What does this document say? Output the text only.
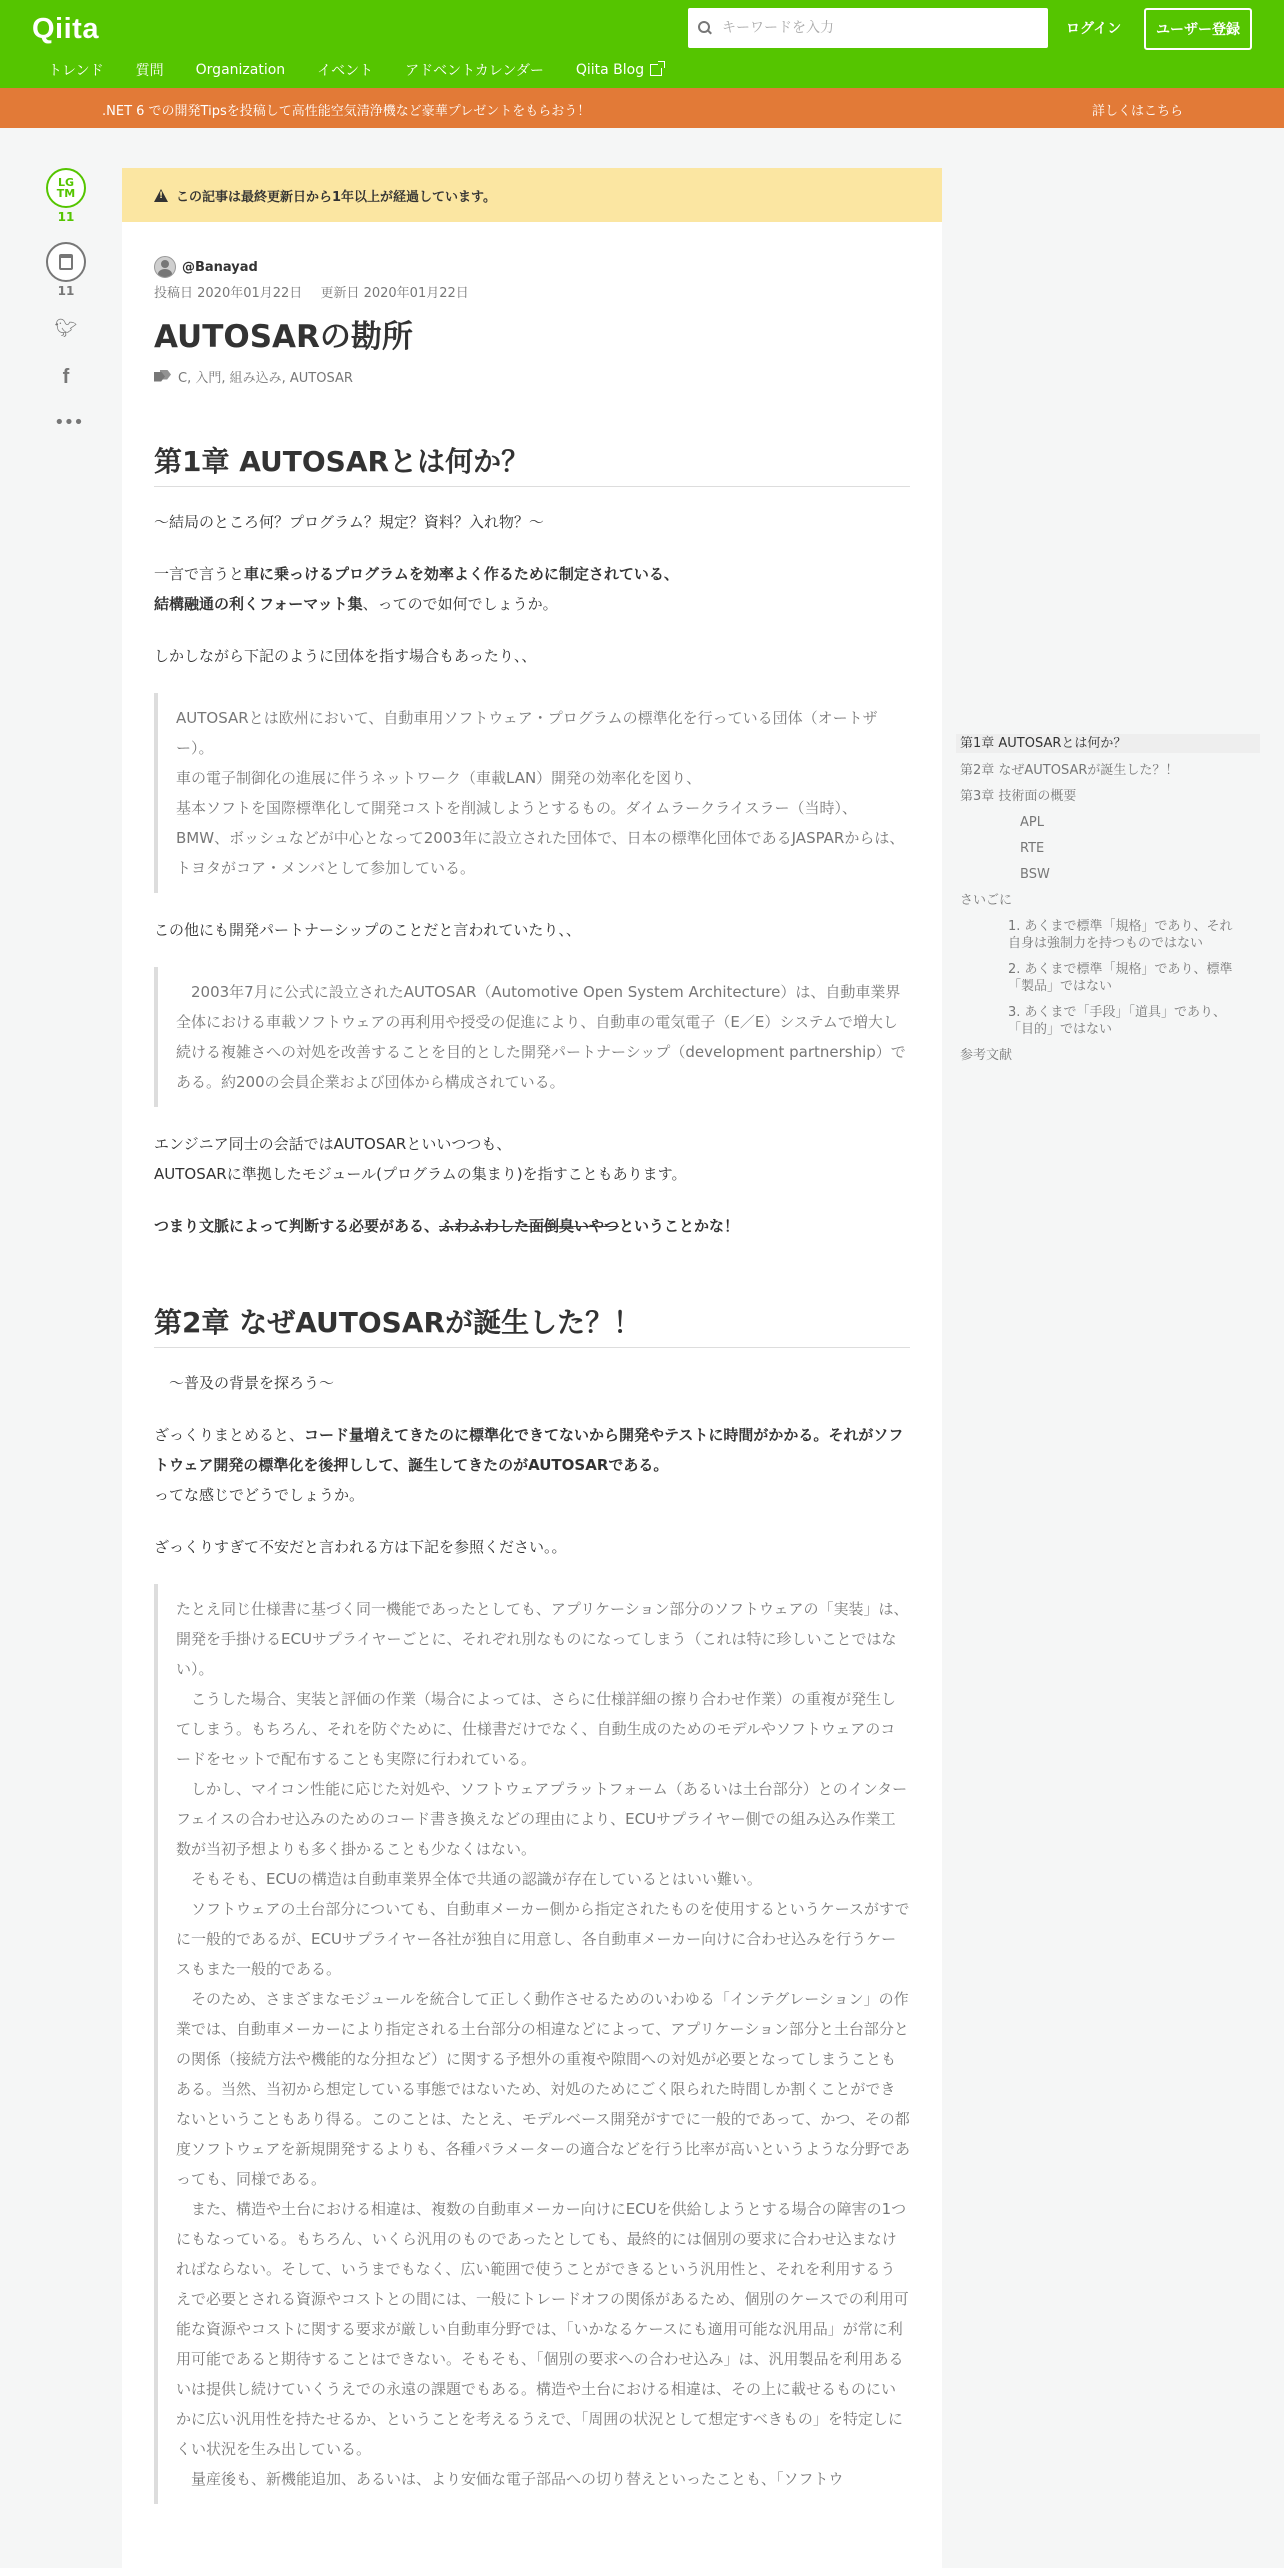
Qiita
キーワードを入力	ログイン	ユーザー登録
トレンド 質問 Organization イベント アドベントカレンダー Qiita Blog
.NET 6 での開発Tipsを投稿して高性能空気清浄機など豪華プレゼントをもらおう！	詳しくはこちら
LG TM
11
11
🐦︎
f
•••
!
この記事は最終更新日から1年以上が経過しています。
@Banayad
投稿日 2020年01月22日 更新日 2020年01月22日
AUTOSARの勘所
C, 入門, 組み込み, AUTOSAR
第1章 AUTOSARとは何か？

～結局のところ何？プログラム？規定？資料？入れ物？～

一言で言うと車に乗っけるプログラムを効率よく作るために制定されている、
結構融通の利くフォーマット集、ってので如何でしょうか。

しかしながら下記のように団体を指す場合もあったり、、

AUTOSARとは欧州において、自動車用ソフトウェア・プログラムの標準化を行っている団体（オートザー）。

車の電子制御化の進展に伴うネットワーク（車載LAN）開発の効率化を図り、

基本ソフトを国際標準化して開発コストを削減しようとするもの。ダイムラークライスラー（当時）、BMW、ボッシュなどが中心となって2003年に設立された団体で、日本の標準化団体であるJASPARからは、トヨタがコア・メンバとして参加している。

この他にも開発パートナーシップのことだと言われていたり、、

　2003年7月に公式に設立されたAUTOSAR（Automotive Open System Architecture）は、自動車業界全体における車載ソフトウェアの再利用や授受の促進により、自動車の電気電子（E／E）システムで増大し続ける複雑さへの対処を改善することを目的とした開発パートナーシップ（development partnership）である。約200の会員企業および団体から構成されている。

エンジニア同士の会話ではAUTOSARといいつつも、
AUTOSARに準拠したモジュール(プログラムの集まり)を指すこともあります。

つまり文脈によって判断する必要がある、ふわふわした面倒臭いやつということかな！

第2章 なぜAUTOSARが誕生した？！

　～普及の背景を探ろう～

ざっくりまとめると、コード量増えてきたのに標準化できてないから開発やテストに時間がかかる。それがソフトウェア開発の標準化を後押しして、誕生してきたのがAUTOSARである。
ってな感じでどうでしょうか。

ざっくりすぎて不安だと言われる方は下記を参照ください。。

たとえ同じ仕様書に基づく同一機能であったとしても、アプリケーション部分のソフトウェアの「実装」は、開発を手掛けるECUサプライヤーごとに、それぞれ別なものになってしまう（これは特に珍しいことではない）。

　こうした場合、実装と評価の作業（場合によっては、さらに仕様詳細の擦り合わせ作業）の重複が発生してしまう。もちろん、それを防ぐために、仕様書だけでなく、自動生成のためのモデルやソフトウェアのコードをセットで配布することも実際に行われている。

　しかし、マイコン性能に応じた対処や、ソフトウェアプラットフォーム（あるいは土台部分）とのインターフェイスの合わせ込みのためのコード書き換えなどの理由により、ECUサプライヤー側での組み込み作業工数が当初予想よりも多く掛かることも少なくはない。

　そもそも、ECUの構造は自動車業界全体で共通の認識が存在しているとはいい難い。

　ソフトウェアの土台部分についても、自動車メーカー側から指定されたものを使用するというケースがすでに一般的であるが、ECUサプライヤー各社が独自に用意し、各自動車メーカー向けに合わせ込みを行うケースもまた一般的である。

　そのため、さまざまなモジュールを統合して正しく動作させるためのいわゆる「インテグレーション」の作業では、自動車メーカーにより指定される土台部分の相違などによって、アプリケーション部分と土台部分との関係（接続方法や機能的な分担など）に関する予想外の重複や隙間への対処が必要となってしまうこともある。当然、当初から想定している事態ではないため、対処のためにごく限られた時間しか割くことができないということもあり得る。このことは、たとえ、モデルベース開発がすでに一般的であって、かつ、その都度ソフトウェアを新規開発するよりも、各種パラメーターの適合などを行う比率が高いというような分野であっても、同様である。

　また、構造や土台における相違は、複数の自動車メーカー向けにECUを供給しようとする場合の障害の1つにもなっている。もちろん、いくら汎用のものであったとしても、最終的には個別の要求に合わせ込まなければならない。そして、いうまでもなく、広い範囲で使うことができるという汎用性と、それを利用するうえで必要とされる資源やコストとの間には、一般にトレードオフの関係があるため、個別のケースでの利用可能な資源やコストに関する要求が厳しい自動車分野では、「いかなるケースにも適用可能な汎用品」が常に利用可能であると期待することはできない。そもそも、「個別の要求への合わせ込み」は、汎用製品を利用あるいは提供し続けていくうえでの永遠の課題でもある。構造や土台における相違は、その上に載せるものにいかに広い汎用性を持たせるか、ということを考えるうえで、「周囲の状況として想定すべきもの」を特定しにくい状況を生み出している。

　量産後も、新機能追加、あるいは、より安価な電子部品への切り替えといったことも、「ソフトウ

第1章 AUTOSARとは何か？
第2章 なぜAUTOSARが誕生した？！
第3章 技術面の概要
APL
RTE
BSW
さいごに
1. あくまで標準「規格」であり、それ自身は強制力を持つものではない
2. あくまで標準「規格」であり、標準「製品」ではない
3. あくまで「手段」「道具」であり、「目的」ではない
参考文献
